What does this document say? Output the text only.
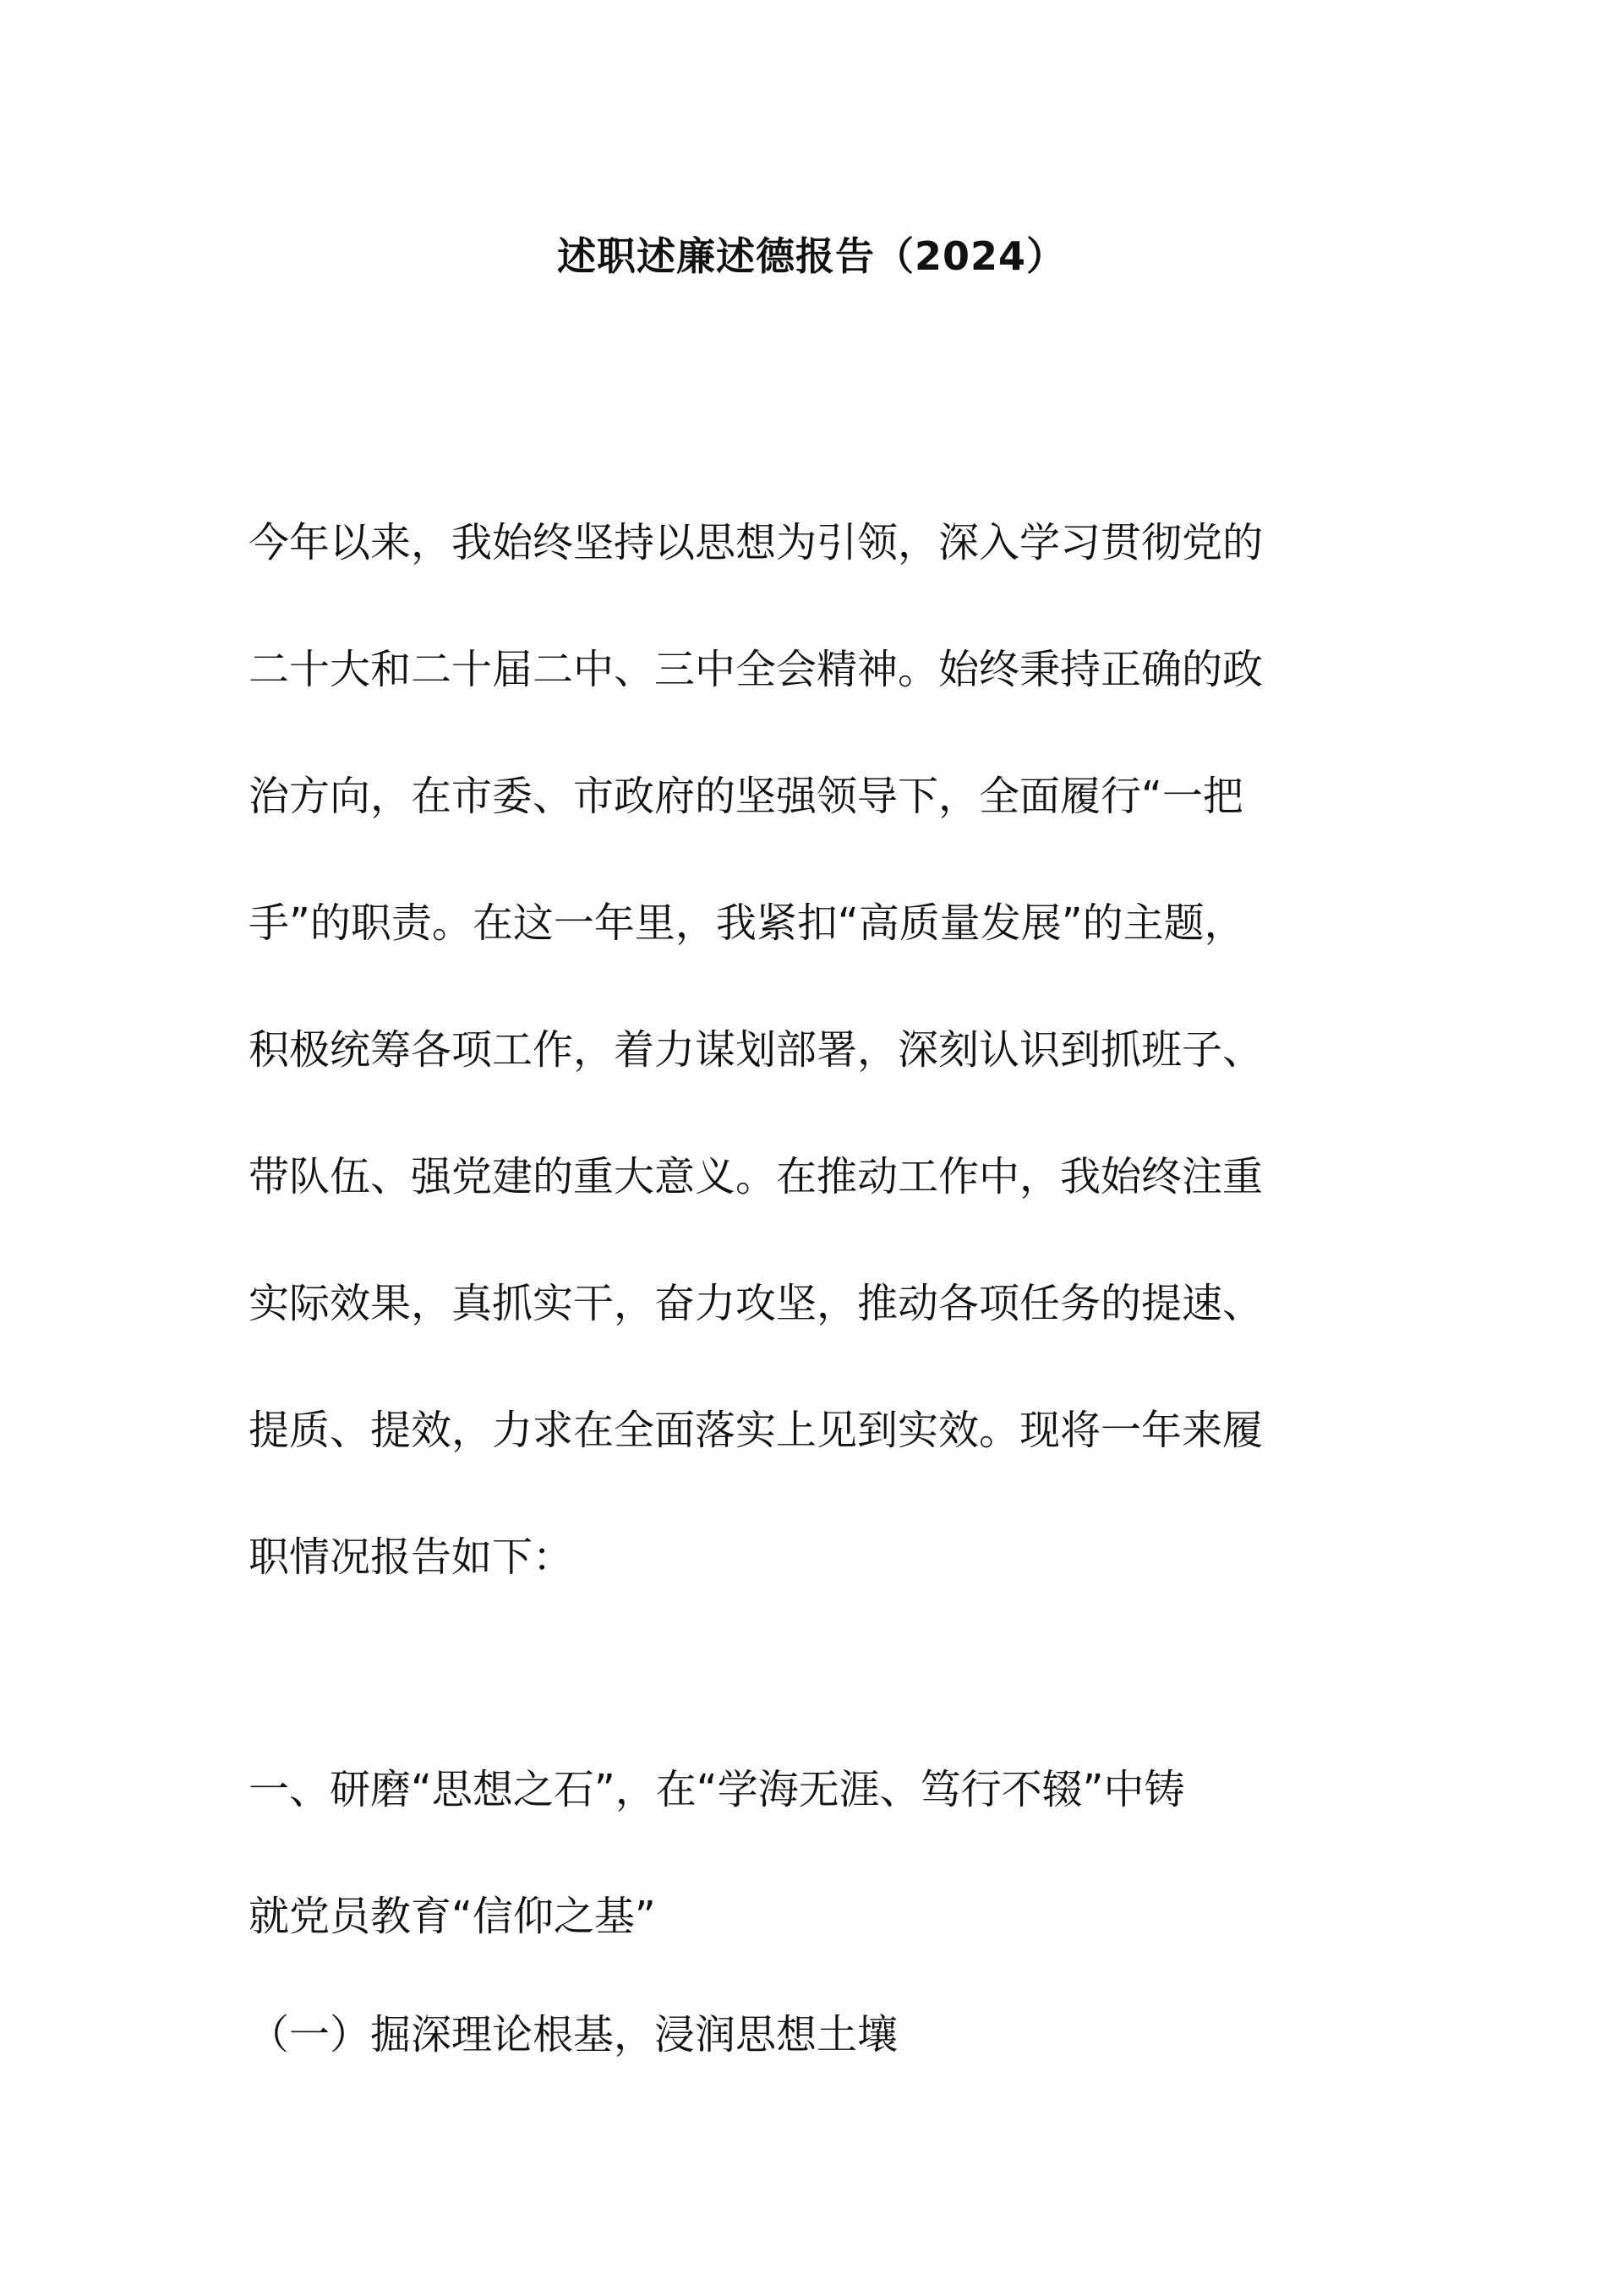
述职述廉述德报告（2024）
今年以来，我始终坚持以思想为引领，深入学习贯彻党的
二十大和二十届二中、三中全会精神。始终秉持正确的政
治方向，在市委、市政府的坚强领导下，全面履行“一把
手”的职责。在这一年里，我紧扣“高质量发展”的主题，
积极统筹各项工作，着力谋划部署，深刻认识到抓班子、
带队伍、强党建的重大意义。在推动工作中，我始终注重
实际效果，真抓实干，奋力攻坚，推动各项任务的提速、
提质、提效，力求在全面落实上见到实效。现将一年来履
职情况报告如下：
一、研磨“思想之石”，在“学海无涯、笃行不辍”中铸
就党员教育“信仰之基”
（一）掘深理论根基，浸润思想土壤
